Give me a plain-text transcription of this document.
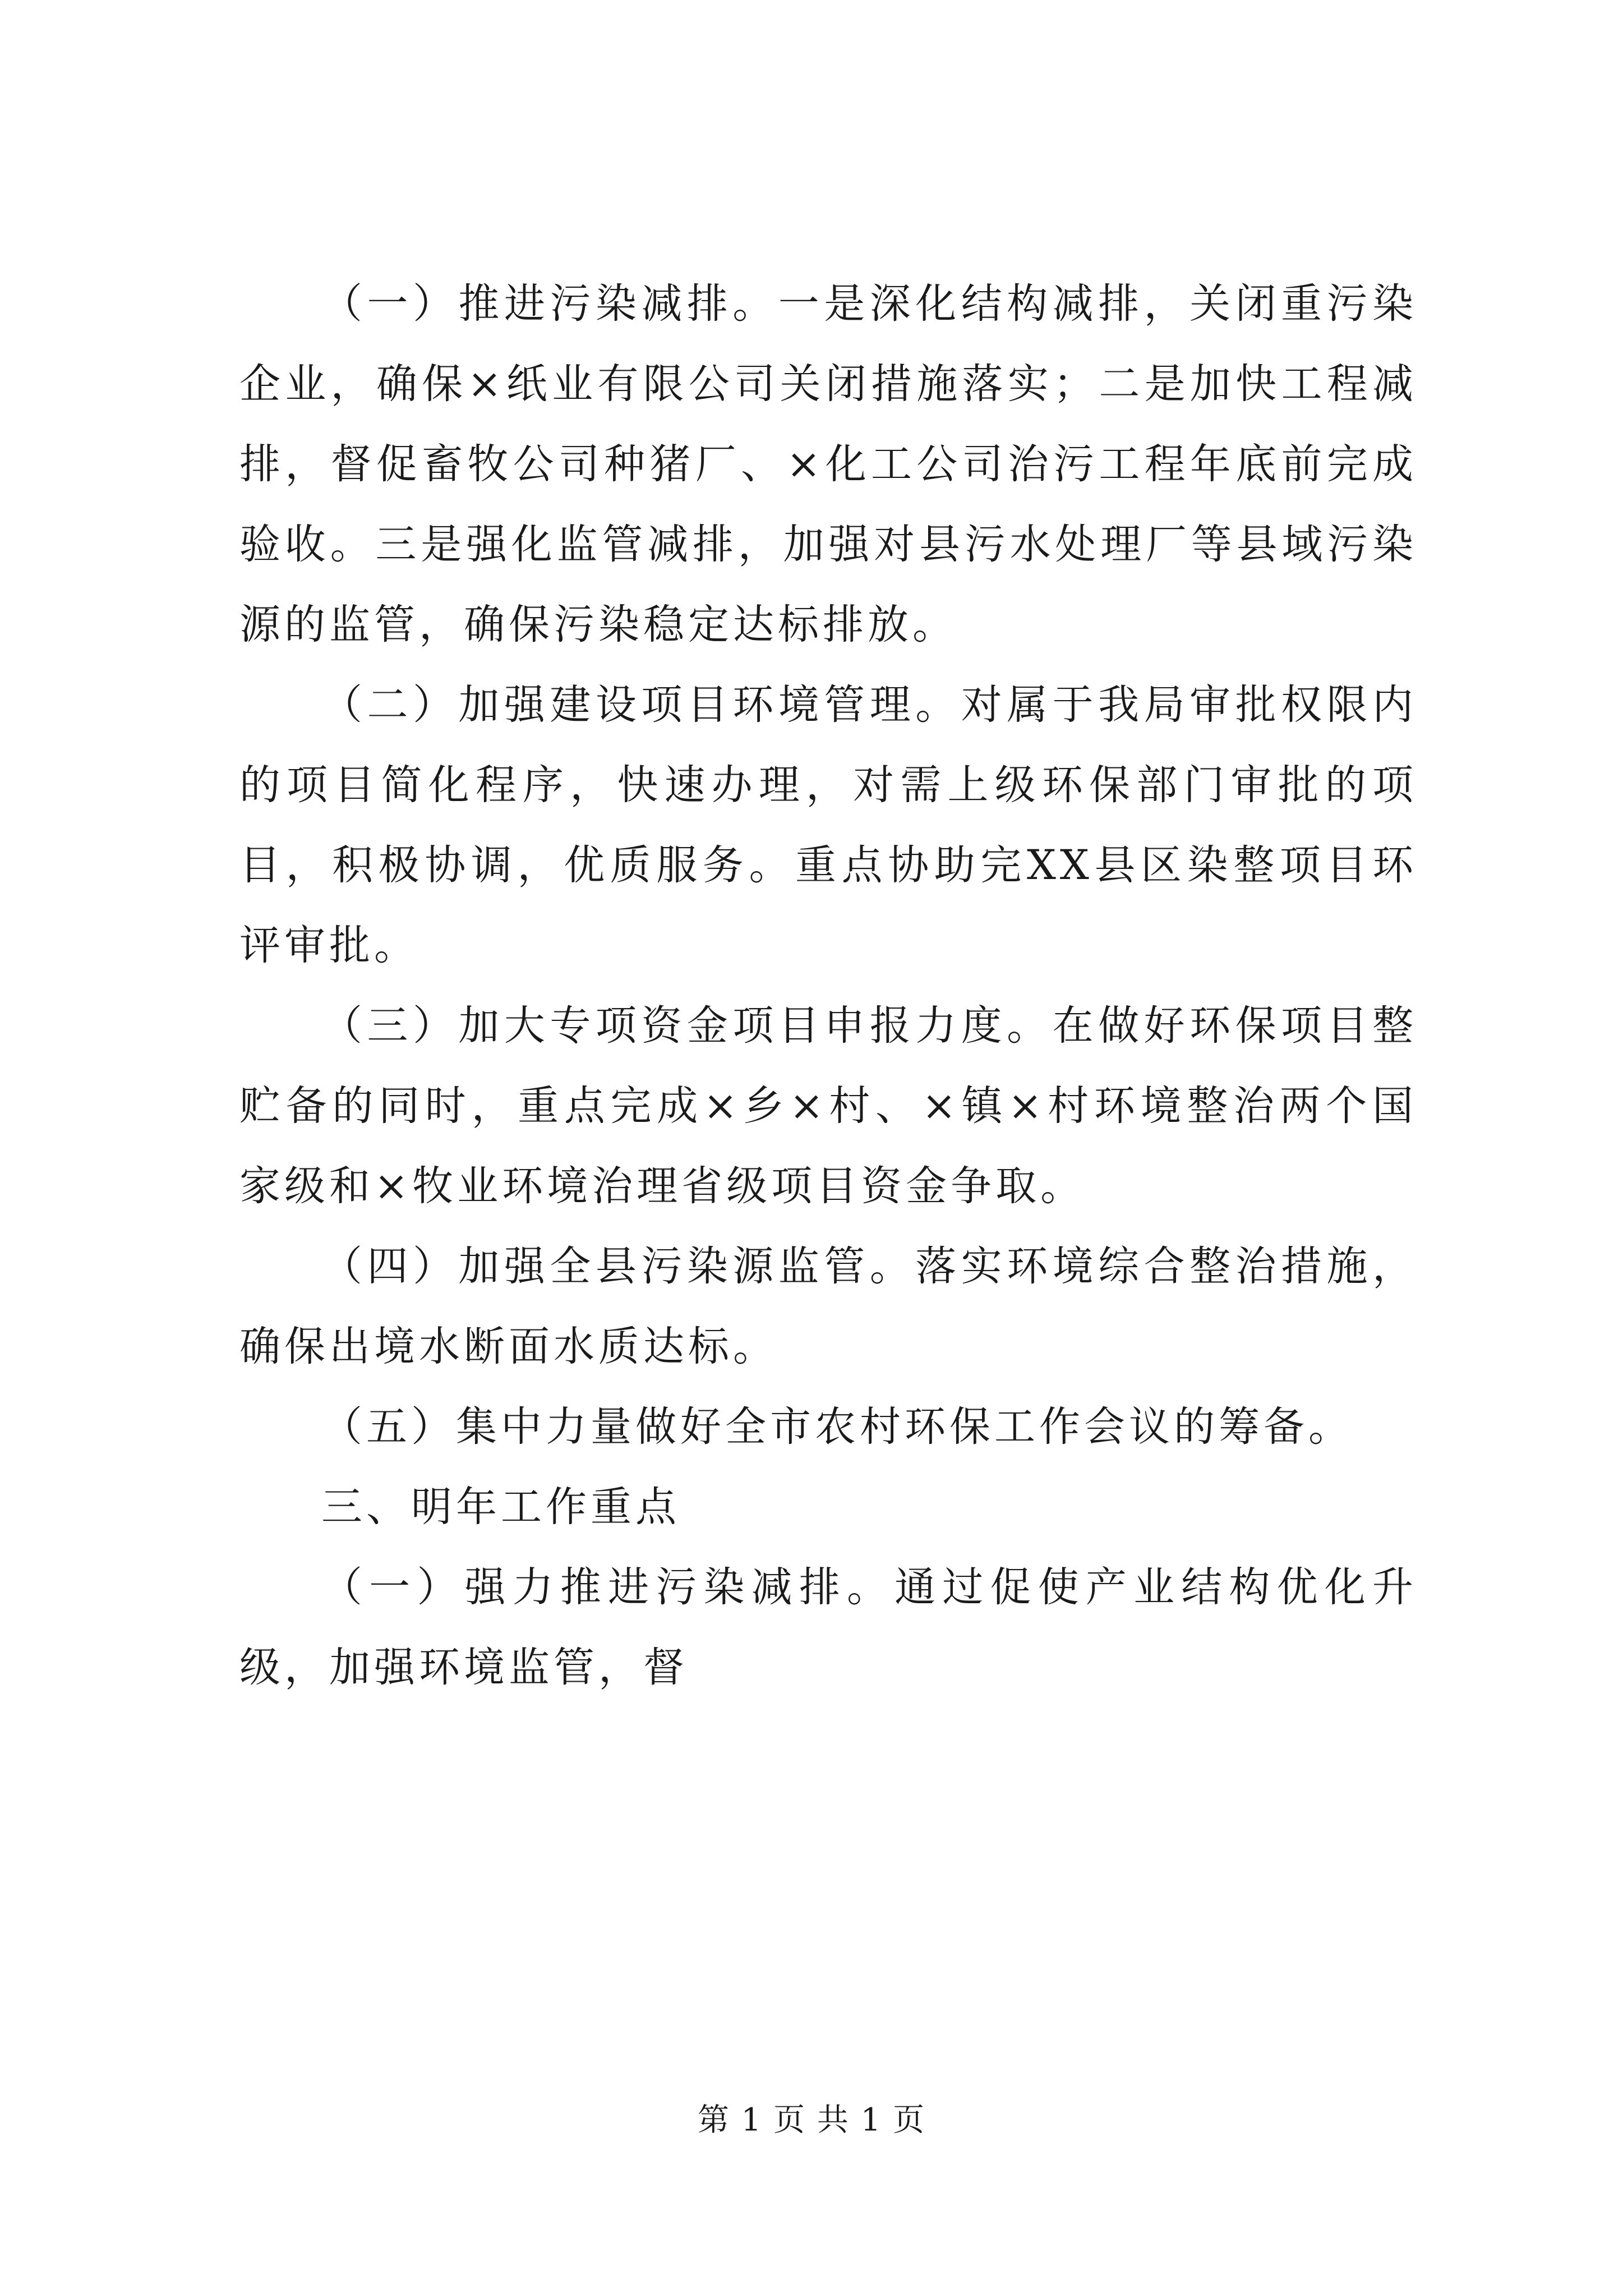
（一）推进污染减排。一是深化结构减排，关闭重污染企业，确保×纸业有限公司关闭措施落实；二是加快工程减排，督促畜牧公司种猪厂、×化工公司治污工程年底前完成验收。三是强化监管减排，加强对县污水处理厂等县域污染源的监管，确保污染稳定达标排放。

（二）加强建设项目环境管理。对属于我局审批权限内的项目简化程序，快速办理，对需上级环保部门审批的项目，积极协调，优质服务。重点协助完XX县区染整项目环评审批。

（三）加大专项资金项目申报力度。在做好环保项目整贮备的同时，重点完成×乡×村、×镇×村环境整治两个国家级和×牧业环境治理省级项目资金争取。

（四）加强全县污染源监管。落实环境综合整治措施，确保出境水断面水质达标。

（五）集中力量做好全市农村环保工作会议的筹备。

三、明年工作重点

（一）强力推进污染减排。通过促使产业结构优化升级，加强环境监管，督

第 1 页 共 1 页
